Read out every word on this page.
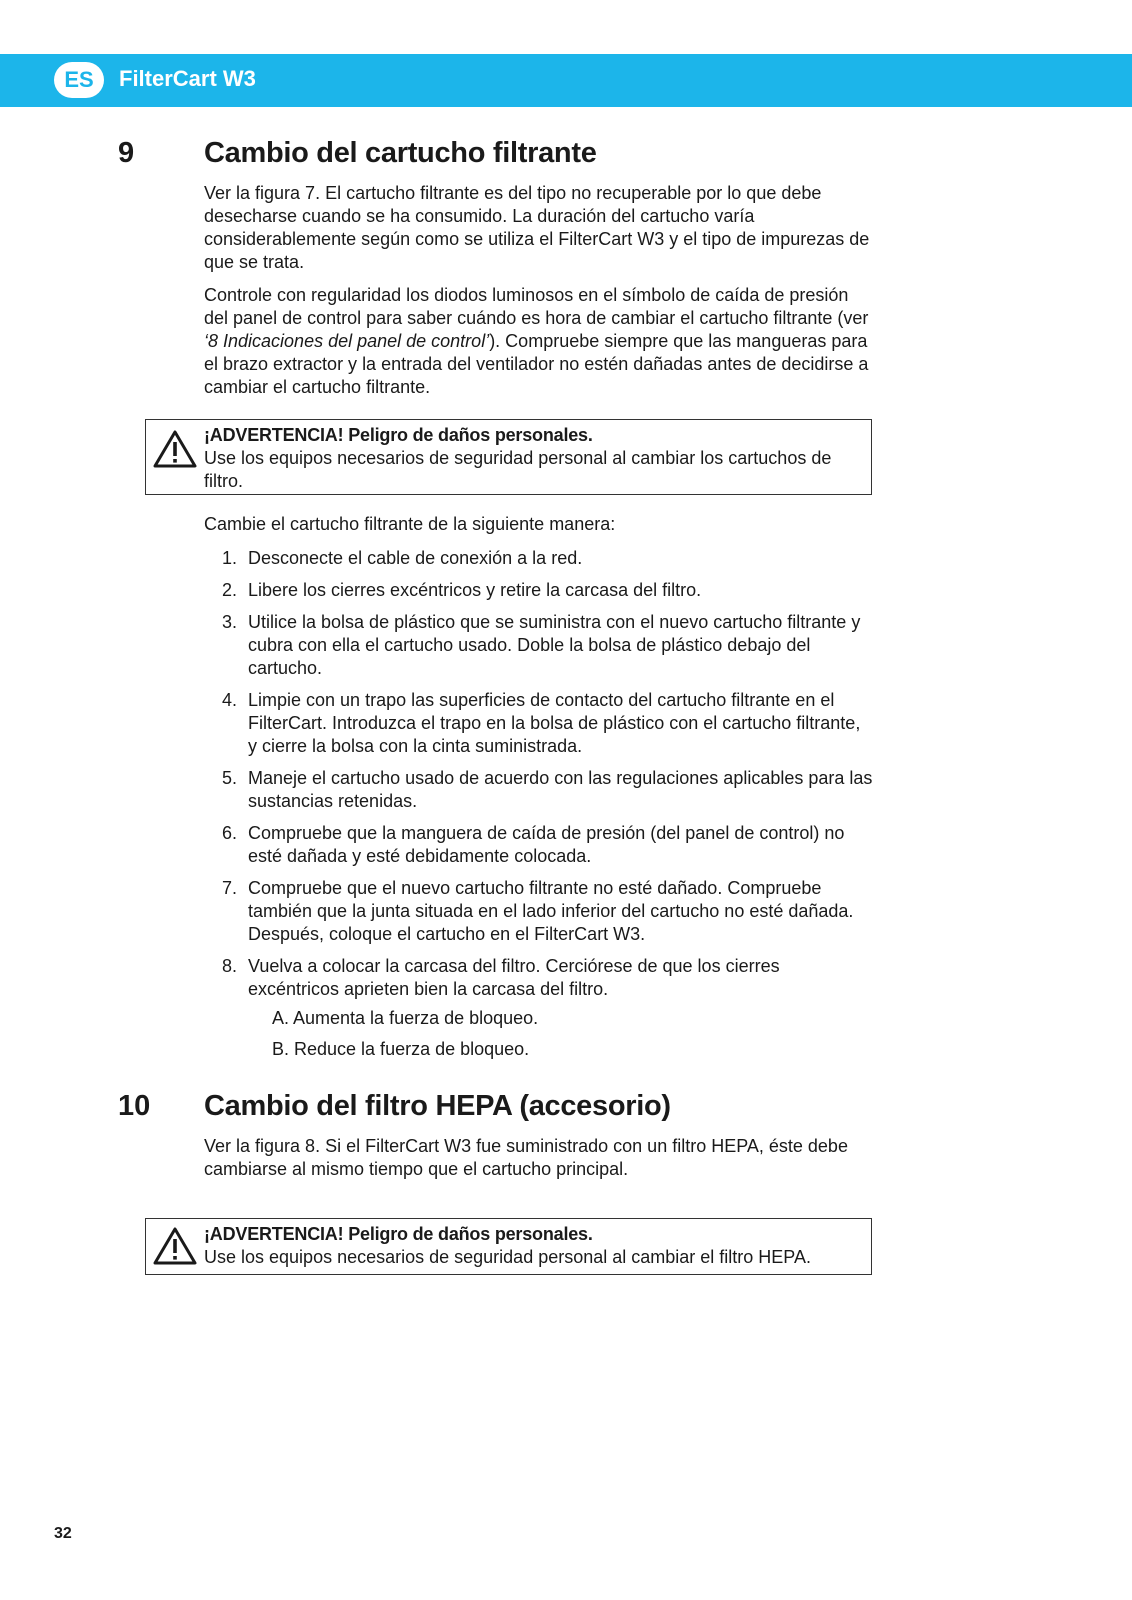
ES	FilterCart W3
9 Cambio del cartucho filtrante

Ver la figura 7. El cartucho filtrante es del tipo no recuperable por lo que debe desecharse cuando se ha consumido. La duración del cartucho varía considerablemente según como se utiliza el FilterCart W3 y el tipo de impurezas de que se trata.

Controle con regularidad los diodos luminosos en el símbolo de caída de presión del panel de control para saber cuándo es hora de cambiar el cartucho filtrante (ver ‘8 Indicaciones del panel de control’). Compruebe siempre que las mangueras para el brazo extractor y la entrada del ventilador no estén dañadas antes de decidirse a cambiar el cartucho filtrante.

¡ADVERTENCIA! Peligro de daños personales.
Use los equipos necesarios de seguridad personal al cambiar los cartuchos de filtro.

Cambie el cartucho filtrante de la siguiente manera:

1. Desconecte el cable de conexión a la red.
2. Libere los cierres excéntricos y retire la carcasa del filtro.
3. Utilice la bolsa de plástico que se suministra con el nuevo cartucho filtrante y cubra con ella el cartucho usado. Doble la bolsa de plástico debajo del cartucho.
4. Limpie con un trapo las superficies de contacto del cartucho filtrante en el FilterCart. Introduzca el trapo en la bolsa de plástico con el cartucho filtrante, y cierre la bolsa con la cinta suministrada.
5. Maneje el cartucho usado de acuerdo con las regulaciones aplicables para las sustancias retenidas.
6. Compruebe que la manguera de caída de presión (del panel de control) no esté dañada y esté debidamente colocada.
7. Compruebe que el nuevo cartucho filtrante no esté dañado. Compruebe también que la junta situada en el lado inferior del cartucho no esté dañada. Después, coloque el cartucho en el FilterCart W3.
8. Vuelva a colocar la carcasa del filtro. Cerciórese de que los cierres excéntricos aprieten bien la carcasa del filtro.
A. Aumenta la fuerza de bloqueo.
B. Reduce la fuerza de bloqueo.
10 Cambio del filtro HEPA (accesorio)

Ver la figura 8. Si el FilterCart W3 fue suministrado con un filtro HEPA, éste debe cambiarse al mismo tiempo que el cartucho principal.

¡ADVERTENCIA! Peligro de daños personales.
Use los equipos necesarios de seguridad personal al cambiar el filtro HEPA.
32
